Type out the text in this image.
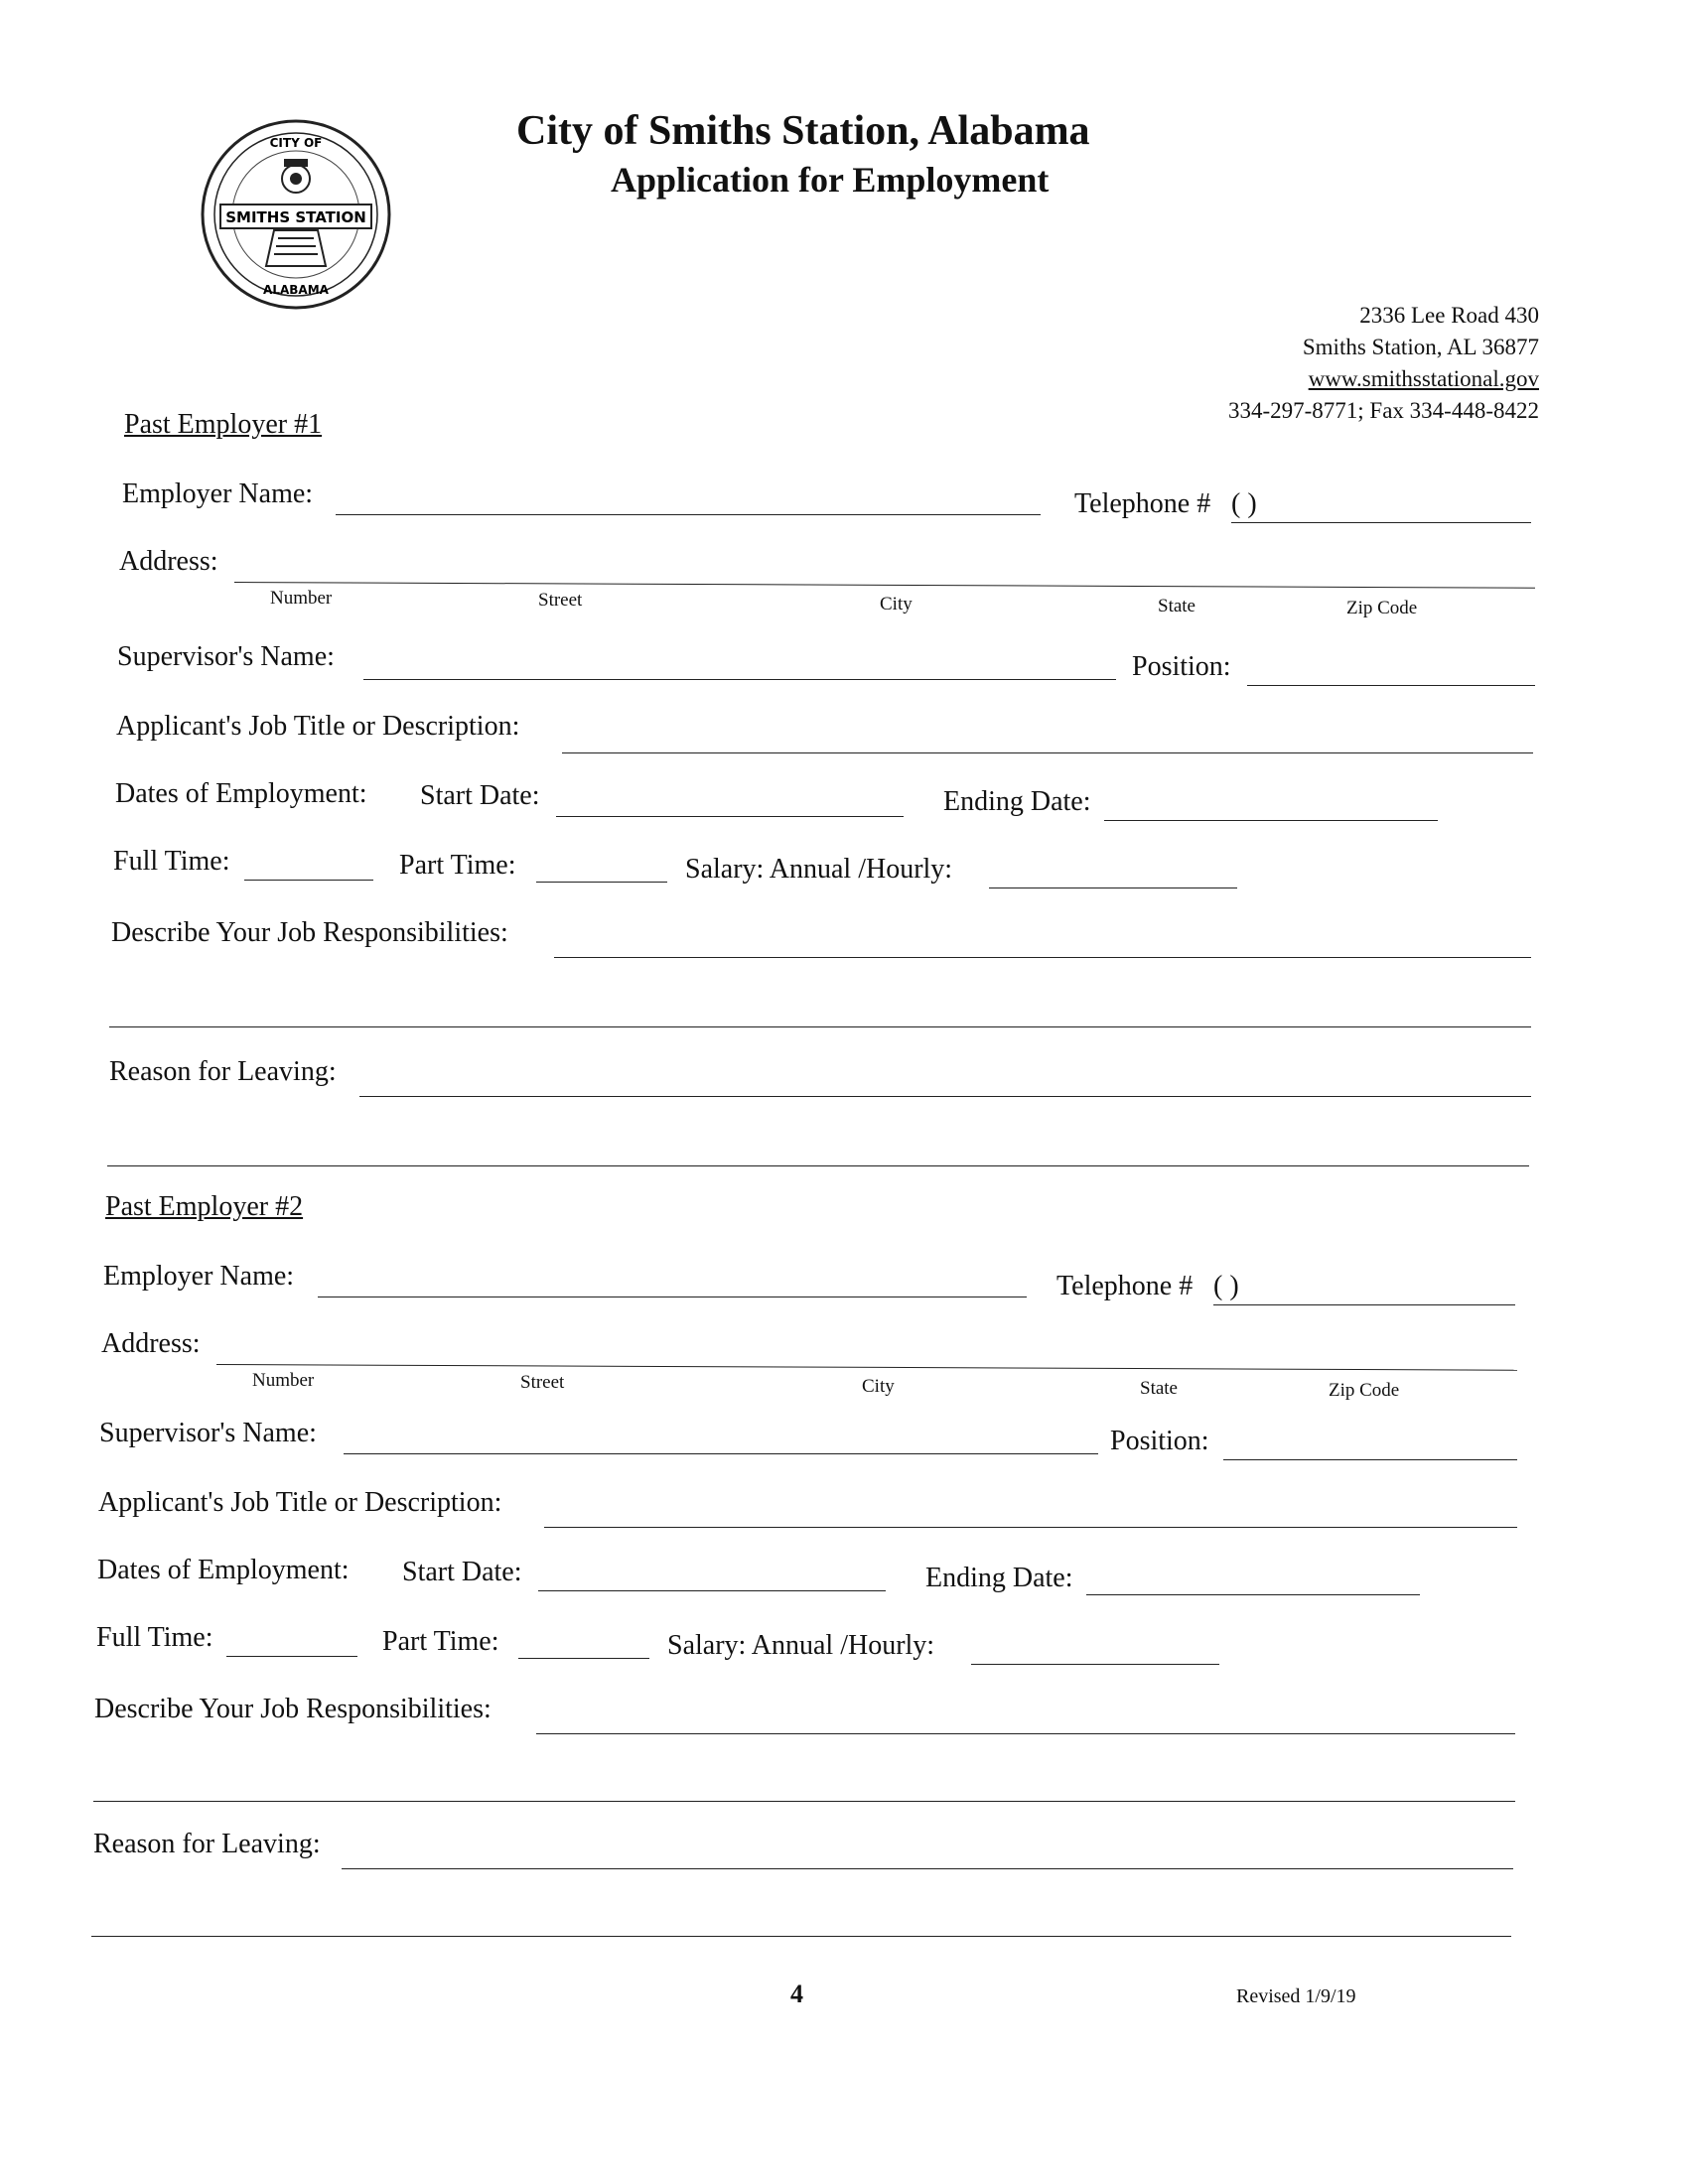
CITY OF
SMITHS STATION
ALABAMA
City of Smiths Station, Alabama
Application for Employment
2336 Lee Road 430
Smiths Station, AL 36877
www.smithsstational.gov
334-297-8771; Fax 334-448-8422
Past Employer #1
Employer Name:	Telephone # ( )
Address:
Number	Street	City	State	Zip Code
Supervisor's Name:	Position:
Applicant's Job Title or Description:
Dates of Employment: Start Date:	Ending Date:
Full Time:	Part Time:	Salary: Annual /Hourly:
Describe Your Job Responsibilities:
Reason for Leaving:
Past Employer #2
Employer Name:	Telephone # ( )
Address:
Number	Street	City	State	Zip Code
Supervisor's Name:	Position:
Applicant's Job Title or Description:
Dates of Employment: Start Date:	Ending Date:
Full Time:	Part Time:	Salary: Annual /Hourly:
Describe Your Job Responsibilities:
Reason for Leaving:
4	Revised 1/9/19
